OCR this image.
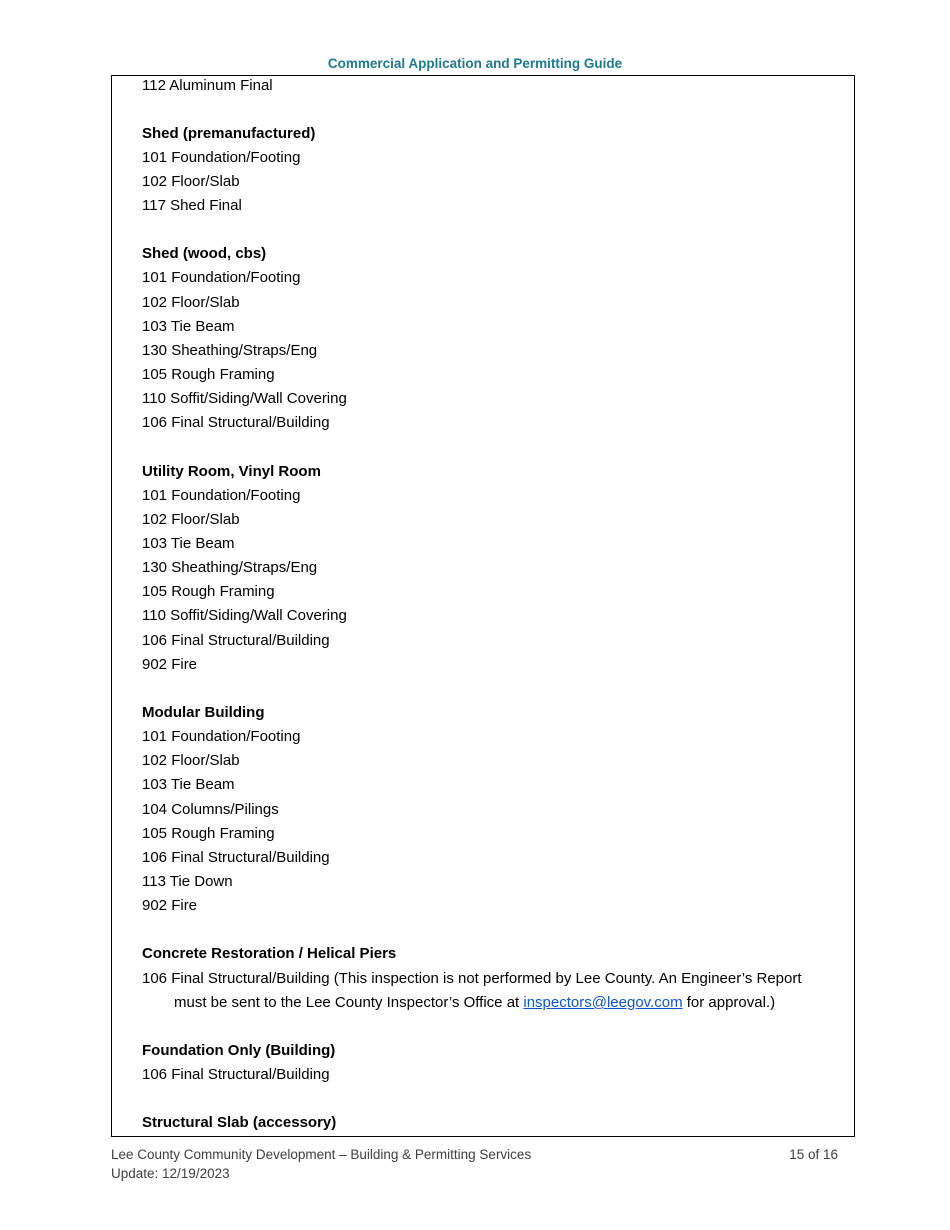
Commercial Application and Permitting Guide
112 Aluminum Final
Shed (premanufactured)
101 Foundation/Footing
102 Floor/Slab
117 Shed Final
Shed (wood, cbs)
101 Foundation/Footing
102 Floor/Slab
103 Tie Beam
130 Sheathing/Straps/Eng
105 Rough Framing
110 Soffit/Siding/Wall Covering
106 Final Structural/Building
Utility Room, Vinyl Room
101 Foundation/Footing
102 Floor/Slab
103 Tie Beam
130 Sheathing/Straps/Eng
105 Rough Framing
110 Soffit/Siding/Wall Covering
106 Final Structural/Building
902 Fire
Modular Building
101 Foundation/Footing
102 Floor/Slab
103 Tie Beam
104 Columns/Pilings
105 Rough Framing
106 Final Structural/Building
113 Tie Down
902 Fire
Concrete Restoration / Helical Piers
106 Final Structural/Building (This inspection is not performed by Lee County. An Engineer’s Report
must be sent to the Lee County Inspector’s Office at inspectors@leegov.com for approval.)
Foundation Only (Building)
106 Final Structural/Building
Structural Slab (accessory)
Lee County Community Development – Building & Permitting Services
Update: 12/19/2023
15 of 16
